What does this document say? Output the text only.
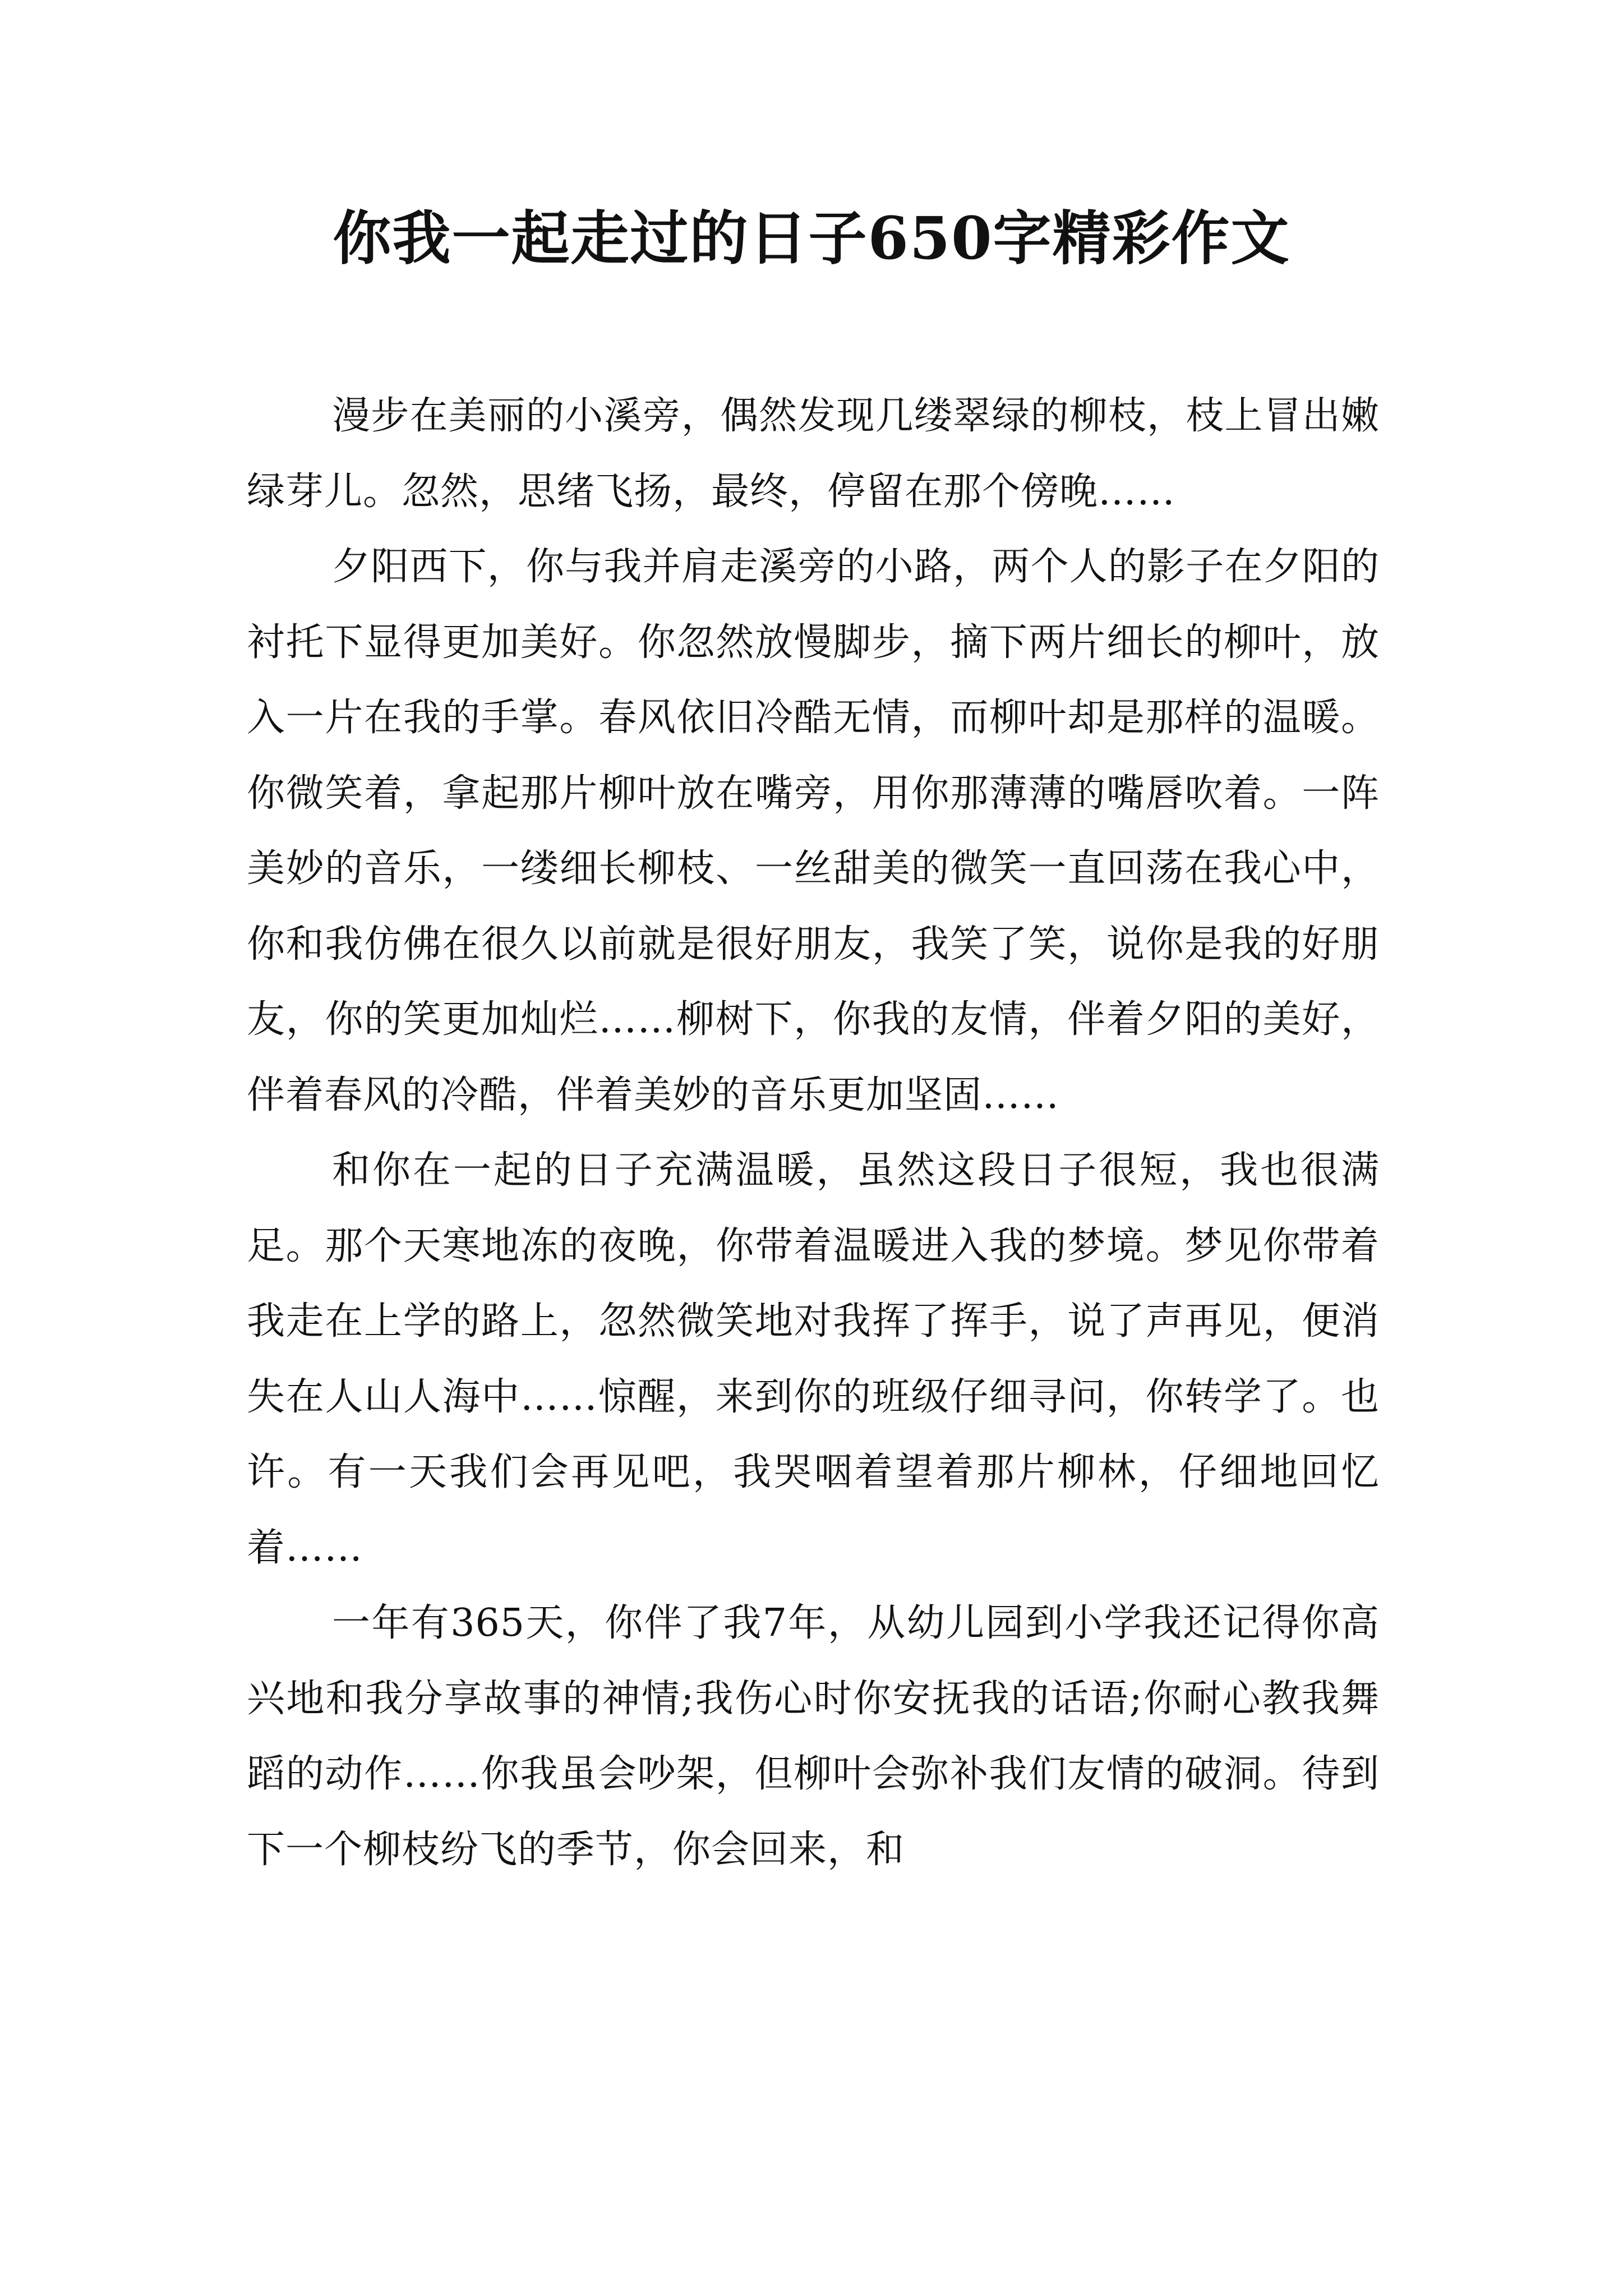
你我一起走过的日子650字精彩作文

漫步在美丽的小溪旁，偶然发现几缕翠绿的柳枝，枝上冒出嫩绿芽儿。忽然，思绪飞扬，最终，停留在那个傍晚……

夕阳西下，你与我并肩走溪旁的小路，两个人的影子在夕阳的衬托下显得更加美好。你忽然放慢脚步，摘下两片细长的柳叶，放入一片在我的手掌。春风依旧冷酷无情，而柳叶却是那样的温暖。你微笑着，拿起那片柳叶放在嘴旁，用你那薄薄的嘴唇吹着。一阵美妙的音乐，一缕细长柳枝、一丝甜美的微笑一直回荡在我心中，你和我仿佛在很久以前就是很好朋友，我笑了笑，说你是我的好朋友，你的笑更加灿烂……柳树下，你我的友情，伴着夕阳的美好，伴着春风的冷酷，伴着美妙的音乐更加坚固……

和你在一起的日子充满温暖，虽然这段日子很短，我也很满足。那个天寒地冻的夜晚，你带着温暖进入我的梦境。梦见你带着我走在上学的路上，忽然微笑地对我挥了挥手，说了声再见，便消失在人山人海中……惊醒，来到你的班级仔细寻问，你转学了。也许。有一天我们会再见吧，我哭咽着望着那片柳林，仔细地回忆着……

一年有365天，你伴了我7年，从幼儿园到小学我还记得你高兴地和我分享故事的神情;我伤心时你安抚我的话语;你耐心教我舞蹈的动作……你我虽会吵架，但柳叶会弥补我们友情的破洞。待到下一个柳枝纷飞的季节，你会回来，和
